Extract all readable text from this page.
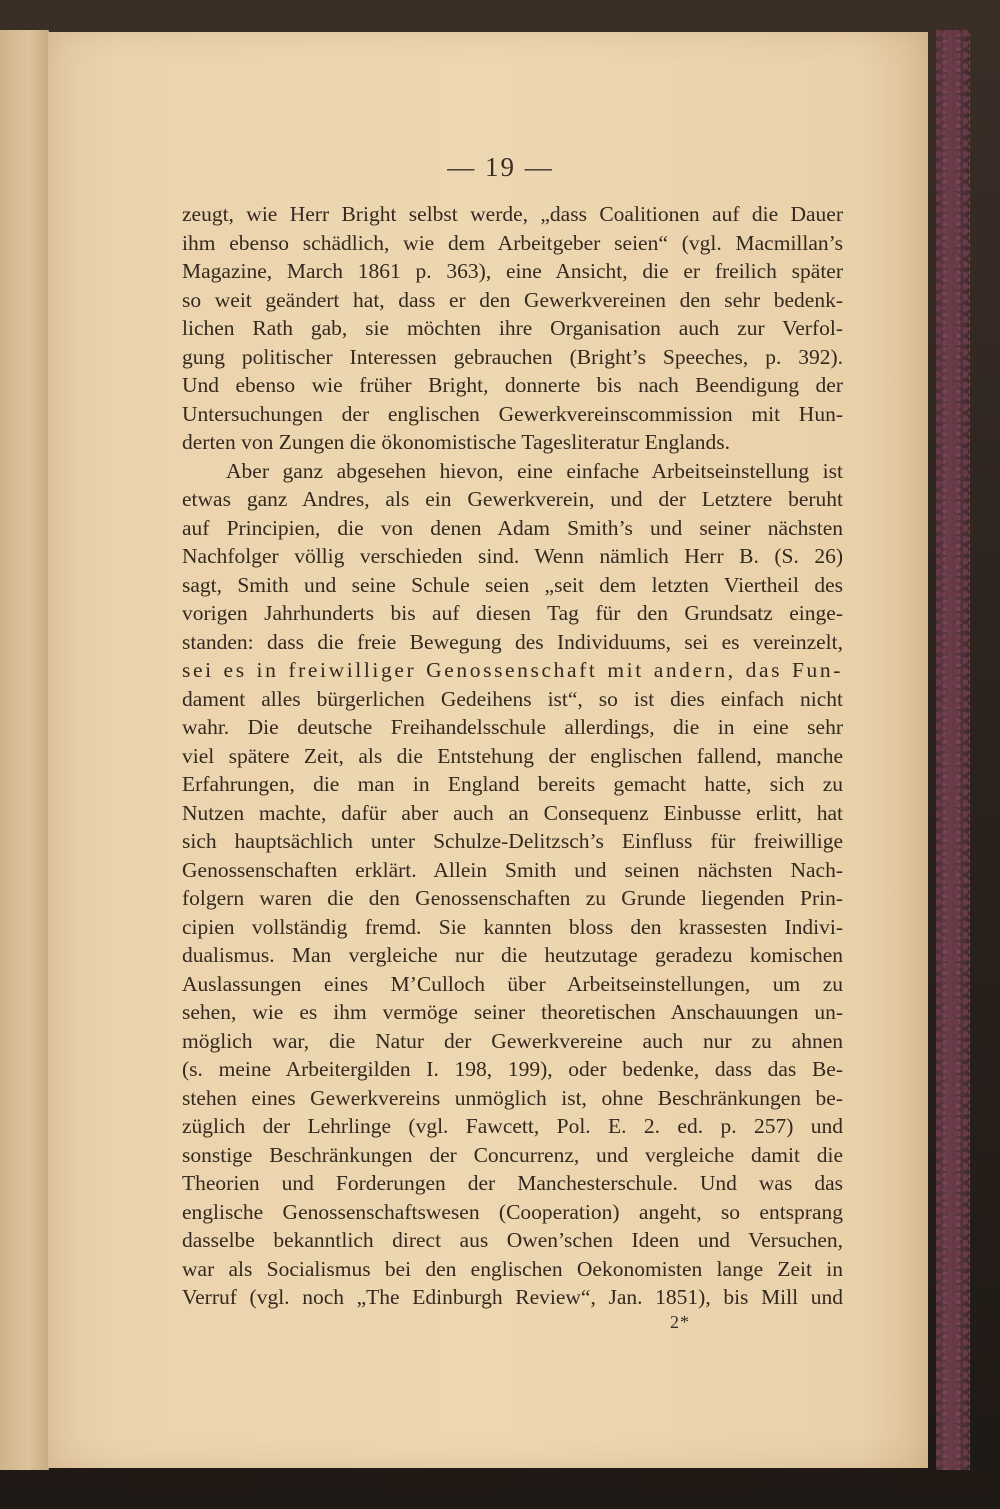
— 19 —
zeugt, wie Herr Bright selbst werde, „dass Coalitionen auf die Dauer
ihm ebenso schädlich, wie dem Arbeitgeber seien“ (vgl. Macmillan’s
Magazine, March 1861 p. 363), eine Ansicht, die er freilich später
so weit geändert hat, dass er den Gewerkvereinen den sehr bedenk-
lichen Rath gab, sie möchten ihre Organisation auch zur Verfol-
gung politischer Interessen gebrauchen (Bright’s Speeches, p. 392).
Und ebenso wie früher Bright, donnerte bis nach Beendigung der
Untersuchungen der englischen Gewerkvereinscommission mit Hun-
derten von Zungen die ökonomistische Tagesliteratur Englands.
Aber ganz abgesehen hievon, eine einfache Arbeitseinstellung ist
etwas ganz Andres, als ein Gewerkverein, und der Letztere beruht
auf Principien, die von denen Adam Smith’s und seiner nächsten
Nachfolger völlig verschieden sind. Wenn nämlich Herr B. (S. 26)
sagt, Smith und seine Schule seien „seit dem letzten Viertheil des
vorigen Jahrhunderts bis auf diesen Tag für den Grundsatz einge-
standen: dass die freie Bewegung des Individuums, sei es vereinzelt,
sei es in freiwilliger Genossenschaft mit andern, das Fun-
dament alles bürgerlichen Gedeihens ist“, so ist dies einfach nicht
wahr. Die deutsche Freihandelsschule allerdings, die in eine sehr
viel spätere Zeit, als die Entstehung der englischen fallend, manche
Erfahrungen, die man in England bereits gemacht hatte, sich zu
Nutzen machte, dafür aber auch an Consequenz Einbusse erlitt, hat
sich hauptsächlich unter Schulze-Delitzsch’s Einfluss für freiwillige
Genossenschaften erklärt. Allein Smith und seinen nächsten Nach-
folgern waren die den Genossenschaften zu Grunde liegenden Prin-
cipien vollständig fremd. Sie kannten bloss den krassesten Indivi-
dualismus. Man vergleiche nur die heutzutage geradezu komischen
Auslassungen eines M’Culloch über Arbeitseinstellungen, um zu
sehen, wie es ihm vermöge seiner theoretischen Anschauungen un-
möglich war, die Natur der Gewerkvereine auch nur zu ahnen
(s. meine Arbeitergilden I. 198, 199), oder bedenke, dass das Be-
stehen eines Gewerkvereins unmöglich ist, ohne Beschränkungen be-
züglich der Lehrlinge (vgl. Fawcett, Pol. E. 2. ed. p. 257) und
sonstige Beschränkungen der Concurrenz, und vergleiche damit die
Theorien und Forderungen der Manchesterschule. Und was das
englische Genossenschaftswesen (Cooperation) angeht, so entsprang
dasselbe bekanntlich direct aus Owen’schen Ideen und Versuchen,
war als Socialismus bei den englischen Oekonomisten lange Zeit in
Verruf (vgl. noch „The Edinburgh Review“, Jan. 1851), bis Mill und
2*
